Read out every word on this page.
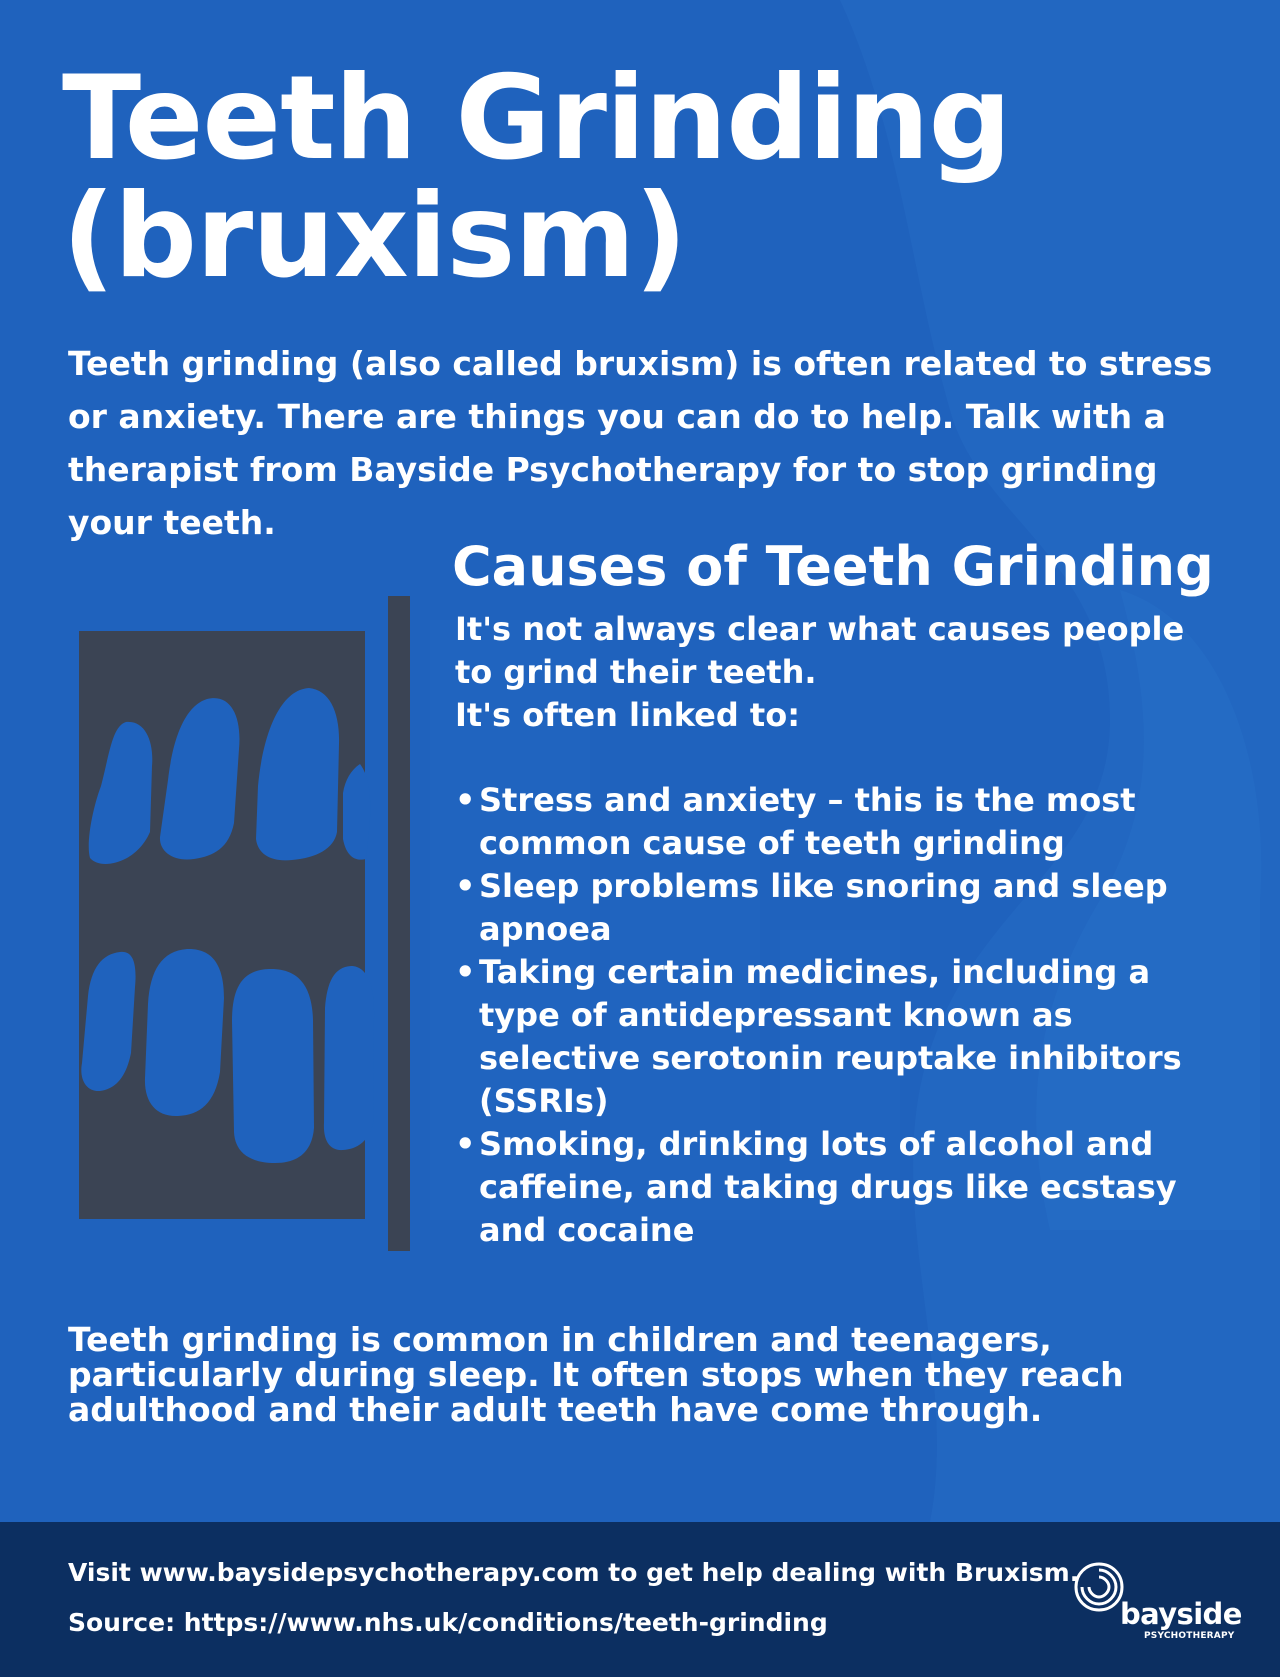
Teeth Grinding
(bruxism)

Teeth grinding (also called bruxism) is often related to stress or anxiety. There are things you can do to help. Talk with a therapist from Bayside Psychotherapy for to stop grinding your teeth.

Causes of Teeth Grinding

It's not always clear what causes people
to grind their teeth.
It's often linked to:

• Stress and anxiety – this is the most common cause of teeth grinding
• Sleep problems like snoring and sleep apnoea
• Taking certain medicines, including a type of antidepressant known as selective serotonin reuptake inhibitors (SSRIs)
• Smoking, drinking lots of alcohol and caffeine, and taking drugs like ecstasy and cocaine

Teeth grinding is common in children and teenagers, particularly during sleep. It often stops when they reach adulthood and their adult teeth have come through.

Visit www.baysidepsychotherapy.com to get help dealing with Bruxism.

Source: https://www.nhs.uk/conditions/teeth-grinding	bayside
PSYCHOTHERAPY
